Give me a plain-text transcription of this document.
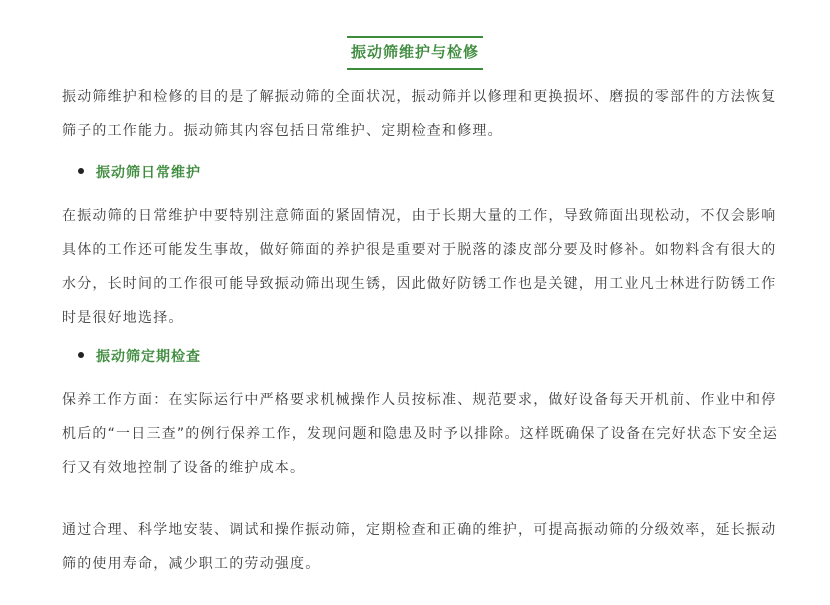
振动筛维护与检修

振动筛维护和检修的目的是了解振动筛的全面状况，振动筛并以修理和更换损坏、磨损的零部件的方法恢复筛子的工作能力。振动筛其内容包括日常维护、定期检查和修理。

振动筛日常维护

在振动筛的日常维护中要特别注意筛面的紧固情况，由于长期大量的工作，导致筛面出现松动，不仅会影响具体的工作还可能发生事故，做好筛面的养护很是重要对于脱落的漆皮部分要及时修补。如物料含有很大的水分，长时间的工作很可能导致振动筛出现生锈，因此做好防锈工作也是关键，用工业凡士林进行防锈工作时是很好地选择。

振动筛定期检查

保养工作方面：在实际运行中严格要求机械操作人员按标准、规范要求，做好设备每天开机前、作业中和停机后的“一日三查”的例行保养工作，发现问题和隐患及时予以排除。这样既确保了设备在完好状态下安全运行又有效地控制了设备的维护成本。

通过合理、科学地安装、调试和操作振动筛，定期检查和正确的维护，可提高振动筛的分级效率，延长振动筛的使用寿命，减少职工的劳动强度。
